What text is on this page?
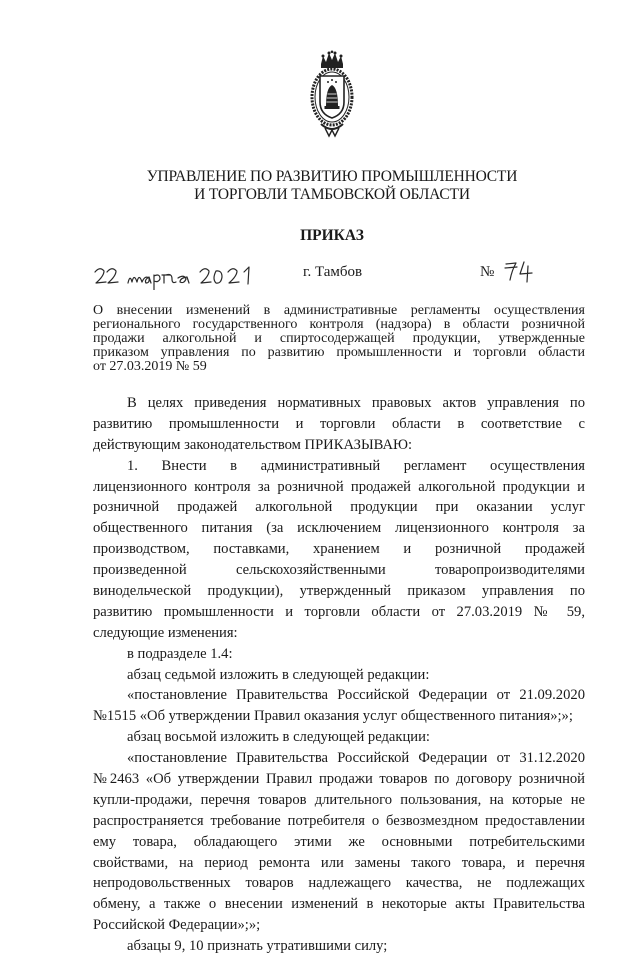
УПРАВЛЕНИЕ ПО РАЗВИТИЮ ПРОМЫШЛЕННОСТИ
И ТОРГОВЛИ ТАМБОВСКОЙ ОБЛАСТИ
ПРИКАЗ
г. Тамбов	№
О внесении изменений в административные регламенты осуществления
регионального государственного контроля (надзора) в области розничной
продажи алкогольной и спиртосодержащей продукции, утвержденные
приказом управления по развитию промышленности и торговли области
от 27.03.2019 № 59
В целях приведения нормативных правовых актов управления по
развитию промышленности и торговли области в соответствие с
действующим законодательством ПРИКАЗЫВАЮ:
1. Внести в административный регламент осуществления
лицензионного контроля за розничной продажей алкогольной продукции и
розничной продажей алкогольной продукции при оказании услуг
общественного питания (за исключением лицензионного контроля за
производством, поставками, хранением и розничной продажей
произведенной сельскохозяйственными товаропроизводителями
винодельческой продукции), утвержденный приказом управления по
развитию промышленности и торговли области от 27.03.2019 № 59,
следующие изменения:
в подразделе 1.4:
абзац седьмой изложить в следующей редакции:
«постановление Правительства Российской Федерации от 21.09.2020
№1515 «Об утверждении Правил оказания услуг общественного питания»;»;
абзац восьмой изложить в следующей редакции:
«постановление Правительства Российской Федерации от 31.12.2020
№2463 «Об утверждении Правил продажи товаров по договору розничной
купли-продажи, перечня товаров длительного пользования, на которые не
распространяется требование потребителя о безвозмездном предоставлении
ему товара, обладающего этими же основными потребительскими
свойствами, на период ремонта или замены такого товара, и перечня
непродовольственных товаров надлежащего качества, не подлежащих
обмену, а также о внесении изменений в некоторые акты Правительства
Российской Федерации»;»;
абзацы 9, 10 признать утратившими силу;
